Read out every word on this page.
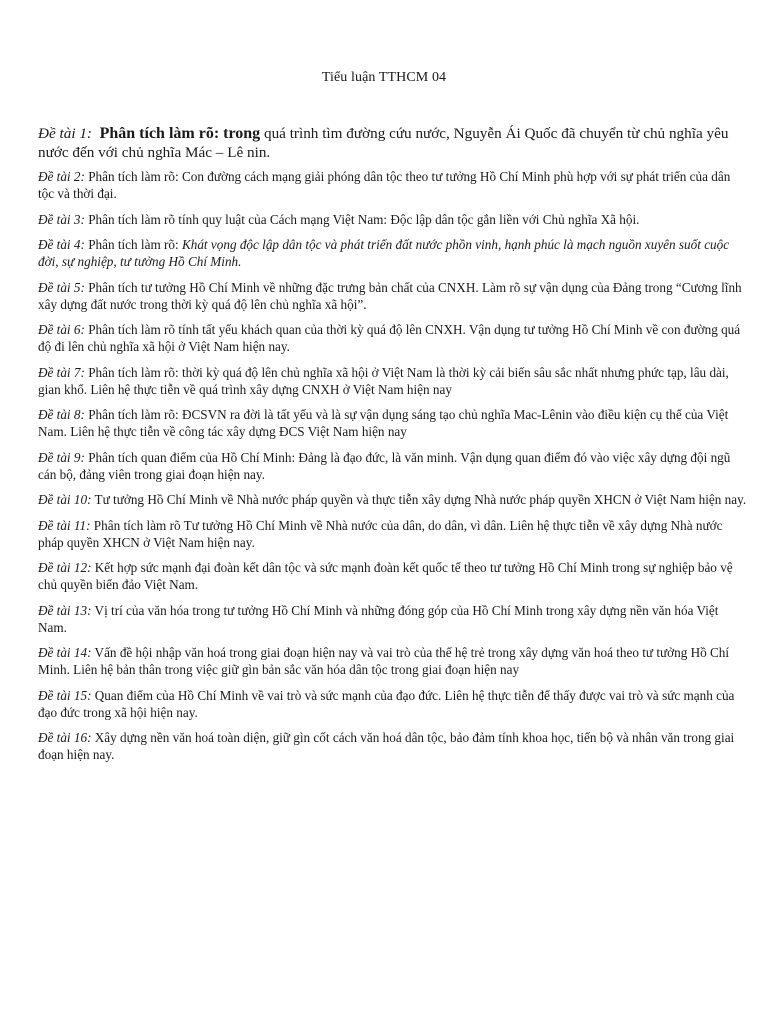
Tiểu luận TTHCM 04

Đề tài 1: Phân tích làm rõ: trong quá trình tìm đường cứu nước, Nguyễn Ái Quốc đã chuyển từ chủ nghĩa yêu nước đến với chủ nghĩa Mác – Lê nin.

Đề tài 2: Phân tích làm rõ: Con đường cách mạng giải phóng dân tộc theo tư tưởng Hồ Chí Minh phù hợp với sự phát triển của dân tộc và thời đại.

Đề tài 3: Phân tích làm rõ tính quy luật của Cách mạng Việt Nam: Độc lập dân tộc gắn liền với Chủ nghĩa Xã hội.

Đề tài 4: Phân tích làm rõ: Khát vọng độc lập dân tộc và phát triển đất nước phồn vinh, hạnh phúc là mạch nguồn xuyên suốt cuộc đời, sự nghiệp, tư tưởng Hồ Chí Minh.

Đề tài 5: Phân tích tư tưởng Hồ Chí Minh về những đặc trưng bản chất của CNXH. Làm rõ sự vận dụng của Đảng trong “Cương lĩnh xây dựng đất nước trong thời kỳ quá độ lên chủ nghĩa xã hội”.

Đề tài 6: Phân tích làm rõ tính tất yếu khách quan của thời kỳ quá độ lên CNXH. Vận dụng tư tưởng Hồ Chí Minh về con đường quá độ đi lên chủ nghĩa xã hội ở Việt Nam hiện nay.

Đề tài 7: Phân tích làm rõ: thời kỳ quá độ lên chủ nghĩa xã hội ở Việt Nam là thời kỳ cải biến sâu sắc nhất nhưng phức tạp, lâu dài, gian khổ. Liên hệ thực tiễn về quá trình xây dựng CNXH ở Việt Nam hiện nay

Đề tài 8: Phân tích làm rõ: ĐCSVN ra đời là tất yếu và là sự vận dụng sáng tạo chủ nghĩa Mac-Lênin vào điều kiện cụ thể của Việt Nam. Liên hệ thực tiễn về công tác xây dựng ĐCS Việt Nam hiện nay

Đề tài 9: Phân tích quan điểm của Hồ Chí Minh: Đảng là đạo đức, là văn minh. Vận dụng quan điểm đó vào việc xây dựng đội ngũ cán bộ, đảng viên trong giai đoạn hiện nay.

Đề tài 10: Tư tưởng Hồ Chí Minh về Nhà nước pháp quyền và thực tiễn xây dựng Nhà nước pháp quyền XHCN ở Việt Nam hiện nay.

Đề tài 11: Phân tích làm rõ Tư tưởng Hồ Chí Minh về Nhà nước của dân, do dân, vì dân. Liên hệ thực tiễn về xây dựng Nhà nước pháp quyền XHCN ở Việt Nam hiện nay.

Đề tài 12: Kết hợp sức mạnh đại đoàn kết dân tộc và sức mạnh đoàn kết quốc tế theo tư tưởng Hồ Chí Minh trong sự nghiệp bảo vệ chủ quyền biển đảo Việt Nam.

Đề tài 13: Vị trí của văn hóa trong tư tưởng Hồ Chí Minh và những đóng góp của Hồ Chí Minh trong xây dựng nền văn hóa Việt Nam.

Đề tài 14: Vấn đề hội nhập văn hoá trong giai đoạn hiện nay và vai trò của thế hệ trẻ trong xây dựng văn hoá theo tư tưởng Hồ Chí Minh. Liên hệ bản thân trong việc giữ gìn bản sắc văn hóa dân tộc trong giai đoạn hiện nay

Đề tài 15: Quan điểm của Hồ Chí Minh về vai trò và sức mạnh của đạo đức. Liên hệ thực tiễn để thấy được vai trò và sức mạnh của đạo đức trong xã hội hiện nay.

Đề tài 16: Xây dựng nền văn hoá toàn diện, giữ gìn cốt cách văn hoá dân tộc, bảo đảm tính khoa học, tiến bộ và nhân văn trong giai đoạn hiện nay.
